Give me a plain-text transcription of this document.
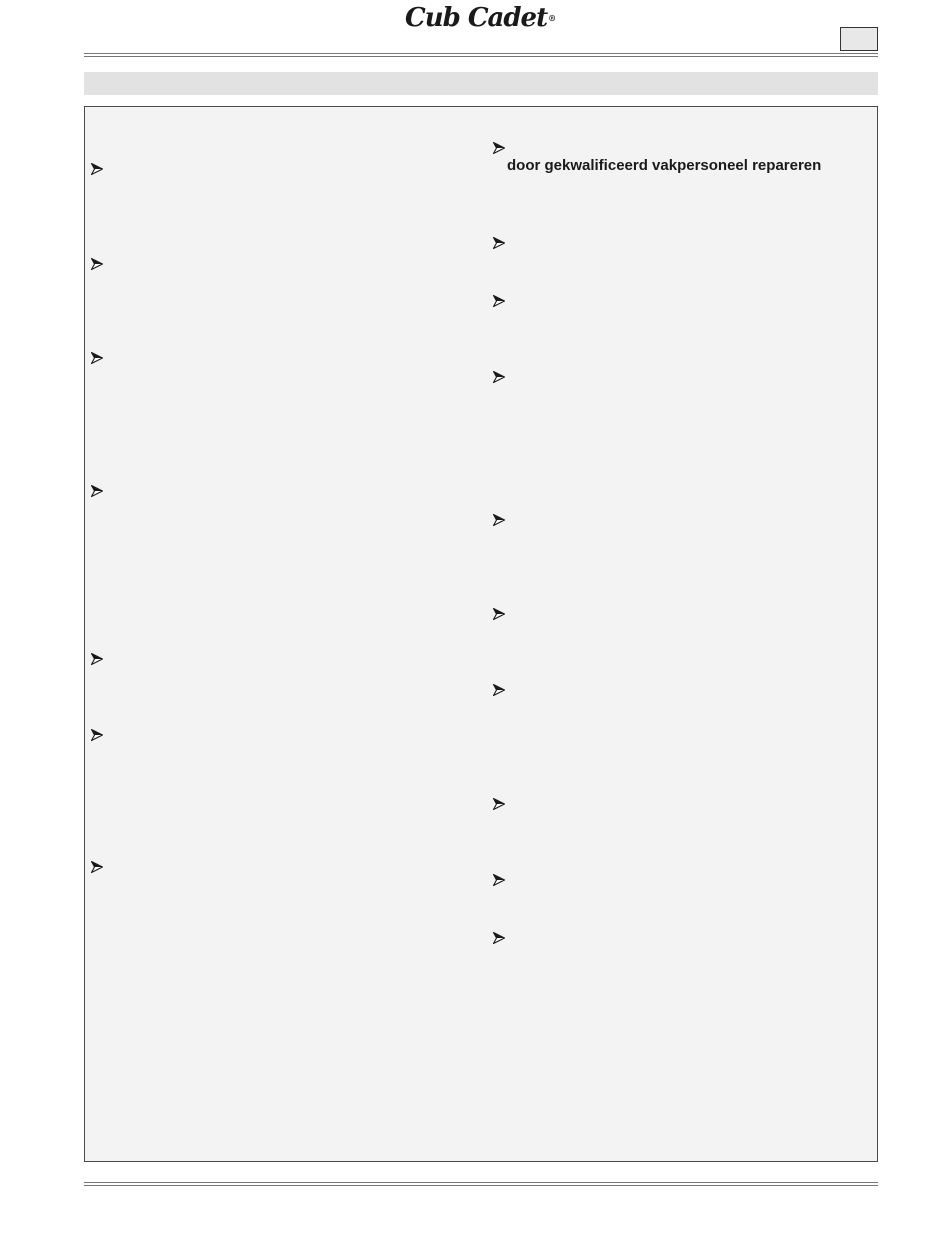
Cub Cadet®
door gekwalificeerd vakpersoneel repareren
